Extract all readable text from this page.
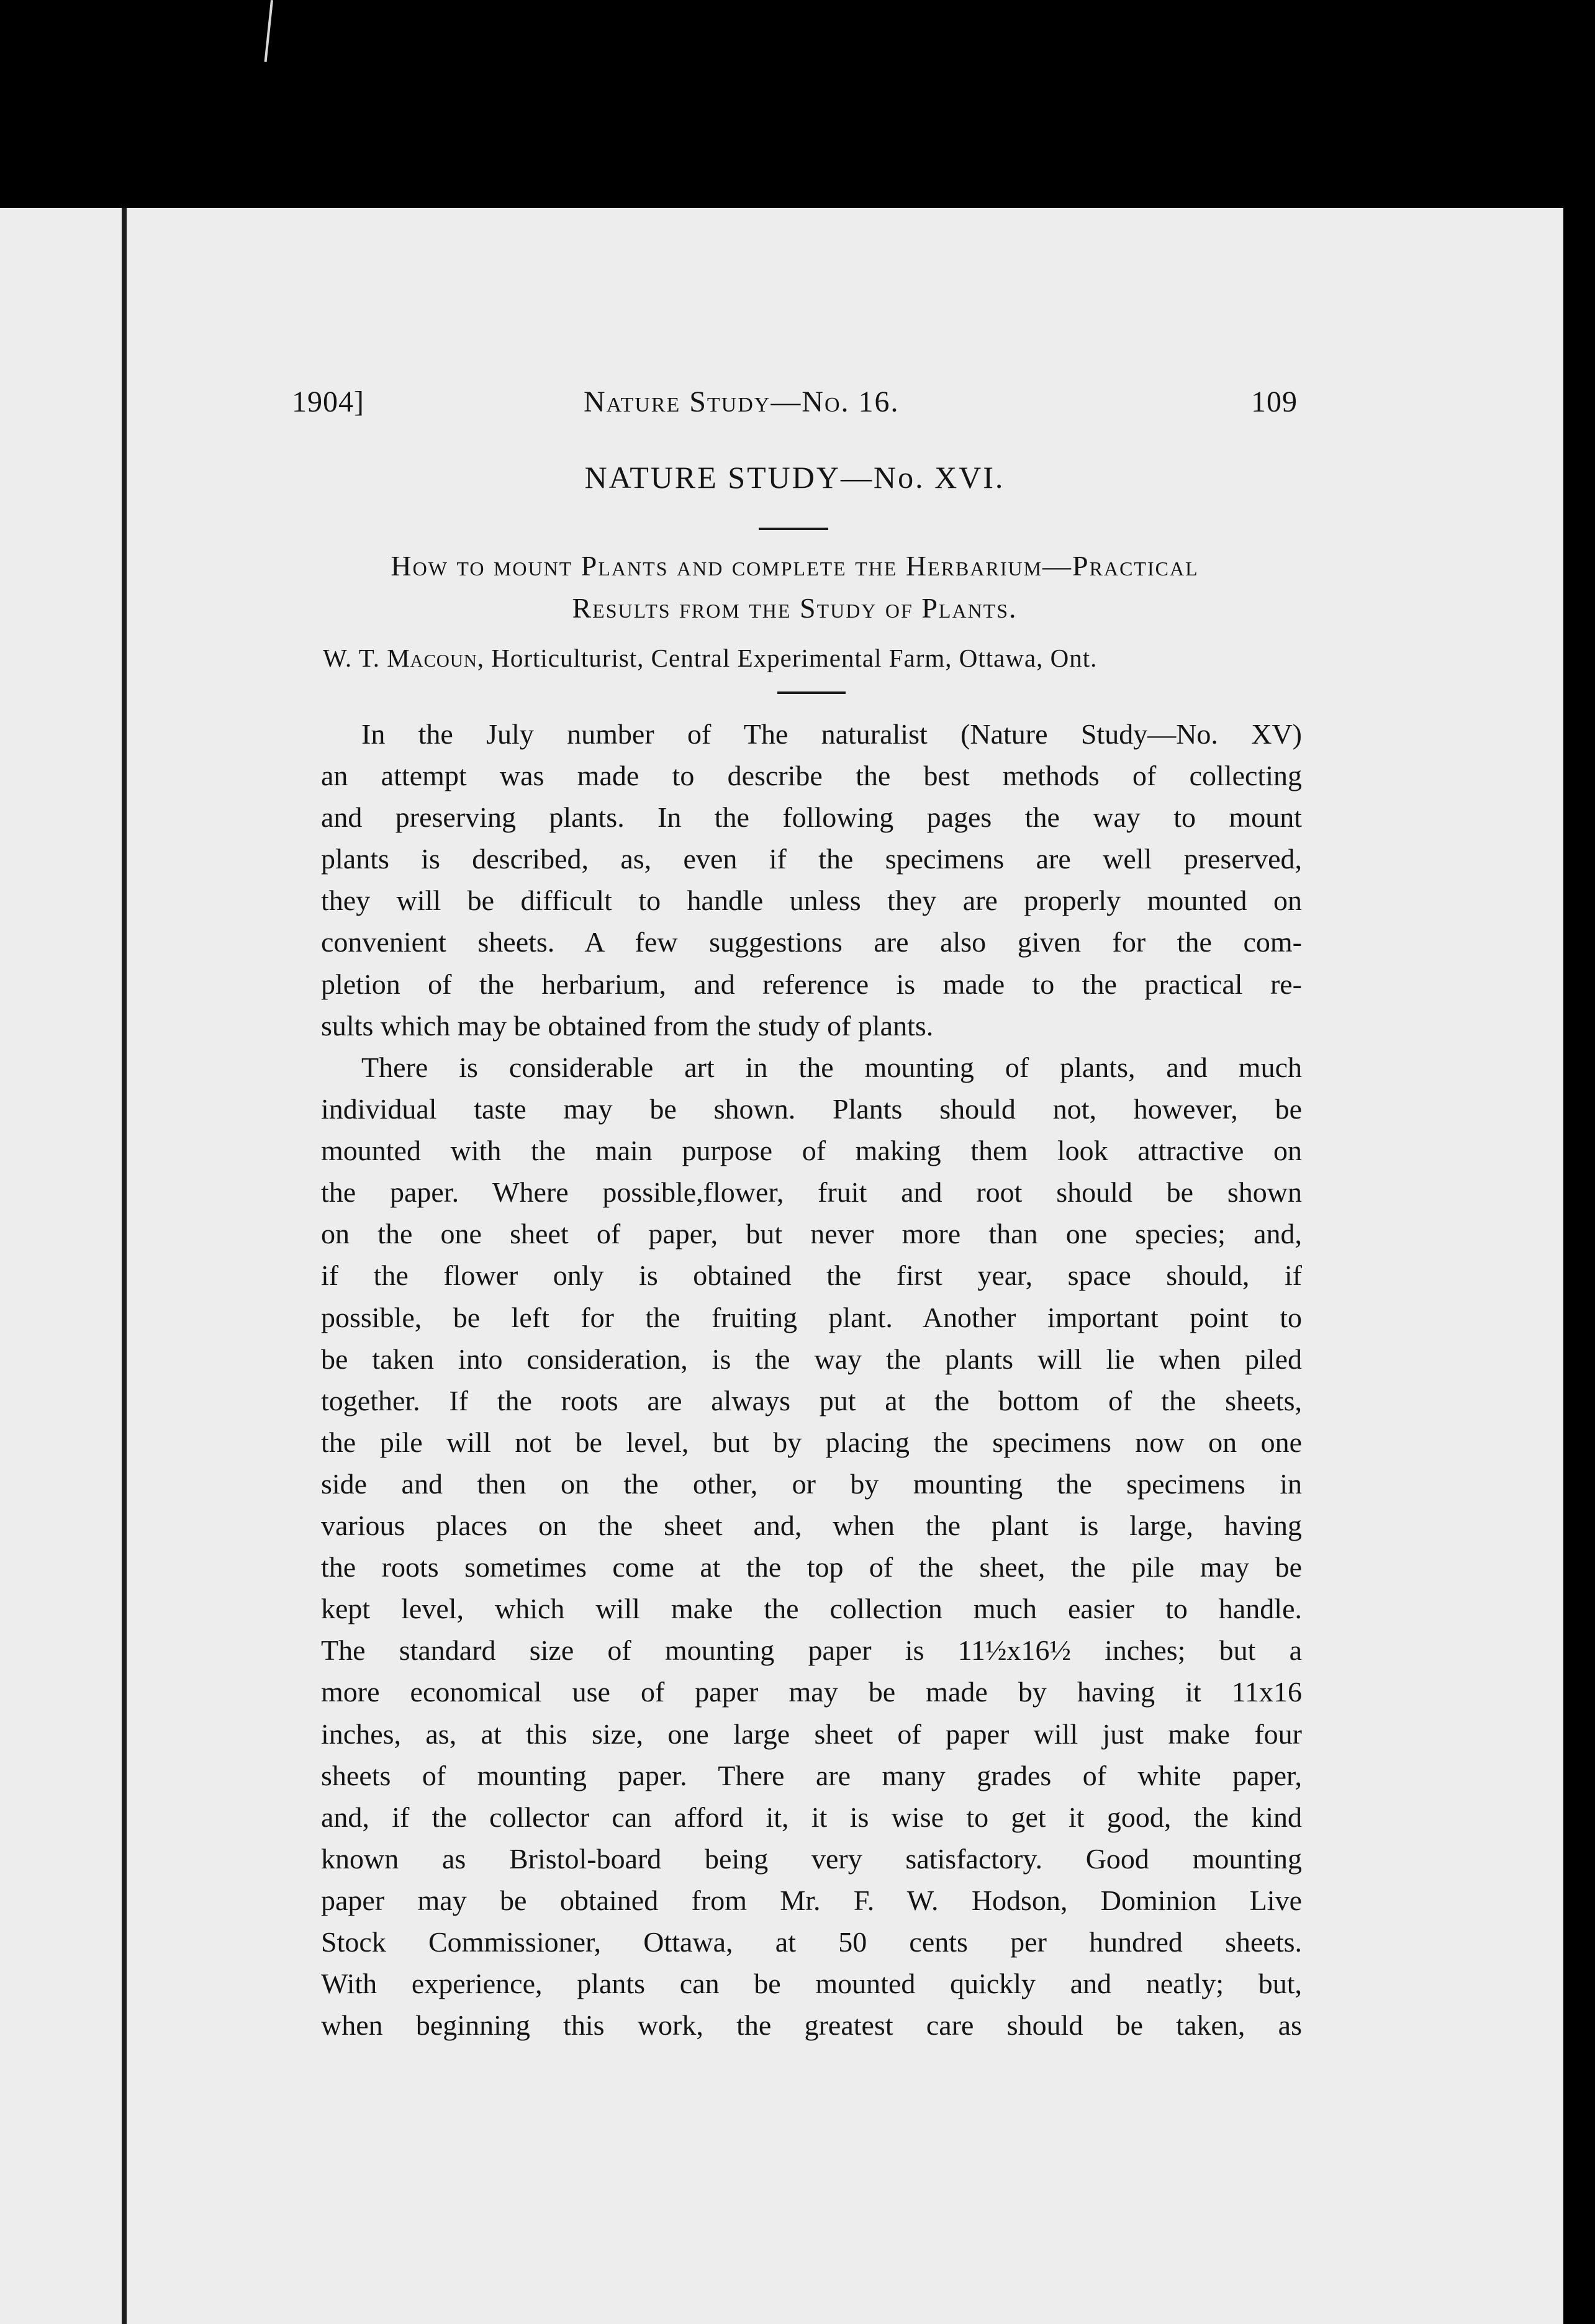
1904]	Nature Study—No. 16.	109
NATURE STUDY—No. XVI.
How to mount Plants and complete the Herbarium—Practical
Results from the Study of Plants.
W. T. Macoun, Horticulturist, Central Experimental Farm, Ottawa, Ont.

In the July number of The naturalist (Nature Study—No. XV)
an attempt was made to describe the best methods of collecting
and preserving plants. In the following pages the way to mount
plants is described, as, even if the specimens are well preserved,
they will be difficult to handle unless they are properly mounted on
convenient sheets. A few suggestions are also given for the com-
pletion of the herbarium, and reference is made to the practical re-
sults which may be obtained from the study of plants.

There is considerable art in the mounting of plants, and much
individual taste may be shown. Plants should not, however, be
mounted with the main purpose of making them look attractive on
the paper. Where possible,flower, fruit and root should be shown
on the one sheet of paper, but never more than one species; and,
if the flower only is obtained the first year, space should, if
possible, be left for the fruiting plant. Another important point to
be taken into consideration, is the way the plants will lie when piled
together. If the roots are always put at the bottom of the sheets,
the pile will not be level, but by placing the specimens now on one
side and then on the other, or by mounting the specimens in
various places on the sheet and, when the plant is large, having
the roots sometimes come at the top of the sheet, the pile may be
kept level, which will make the collection much easier to handle.
The standard size of mounting paper is 11½x16½ inches; but a
more economical use of paper may be made by having it 11x16
inches, as, at this size, one large sheet of paper will just make four
sheets of mounting paper. There are many grades of white paper,
and, if the collector can afford it, it is wise to get it good, the kind
known as Bristol-board being very satisfactory. Good mounting
paper may be obtained from Mr. F. W. Hodson, Dominion Live
Stock Commissioner, Ottawa, at 50 cents per hundred sheets.
With experience, plants can be mounted quickly and neatly; but,
when beginning this work, the greatest care should be taken, as
